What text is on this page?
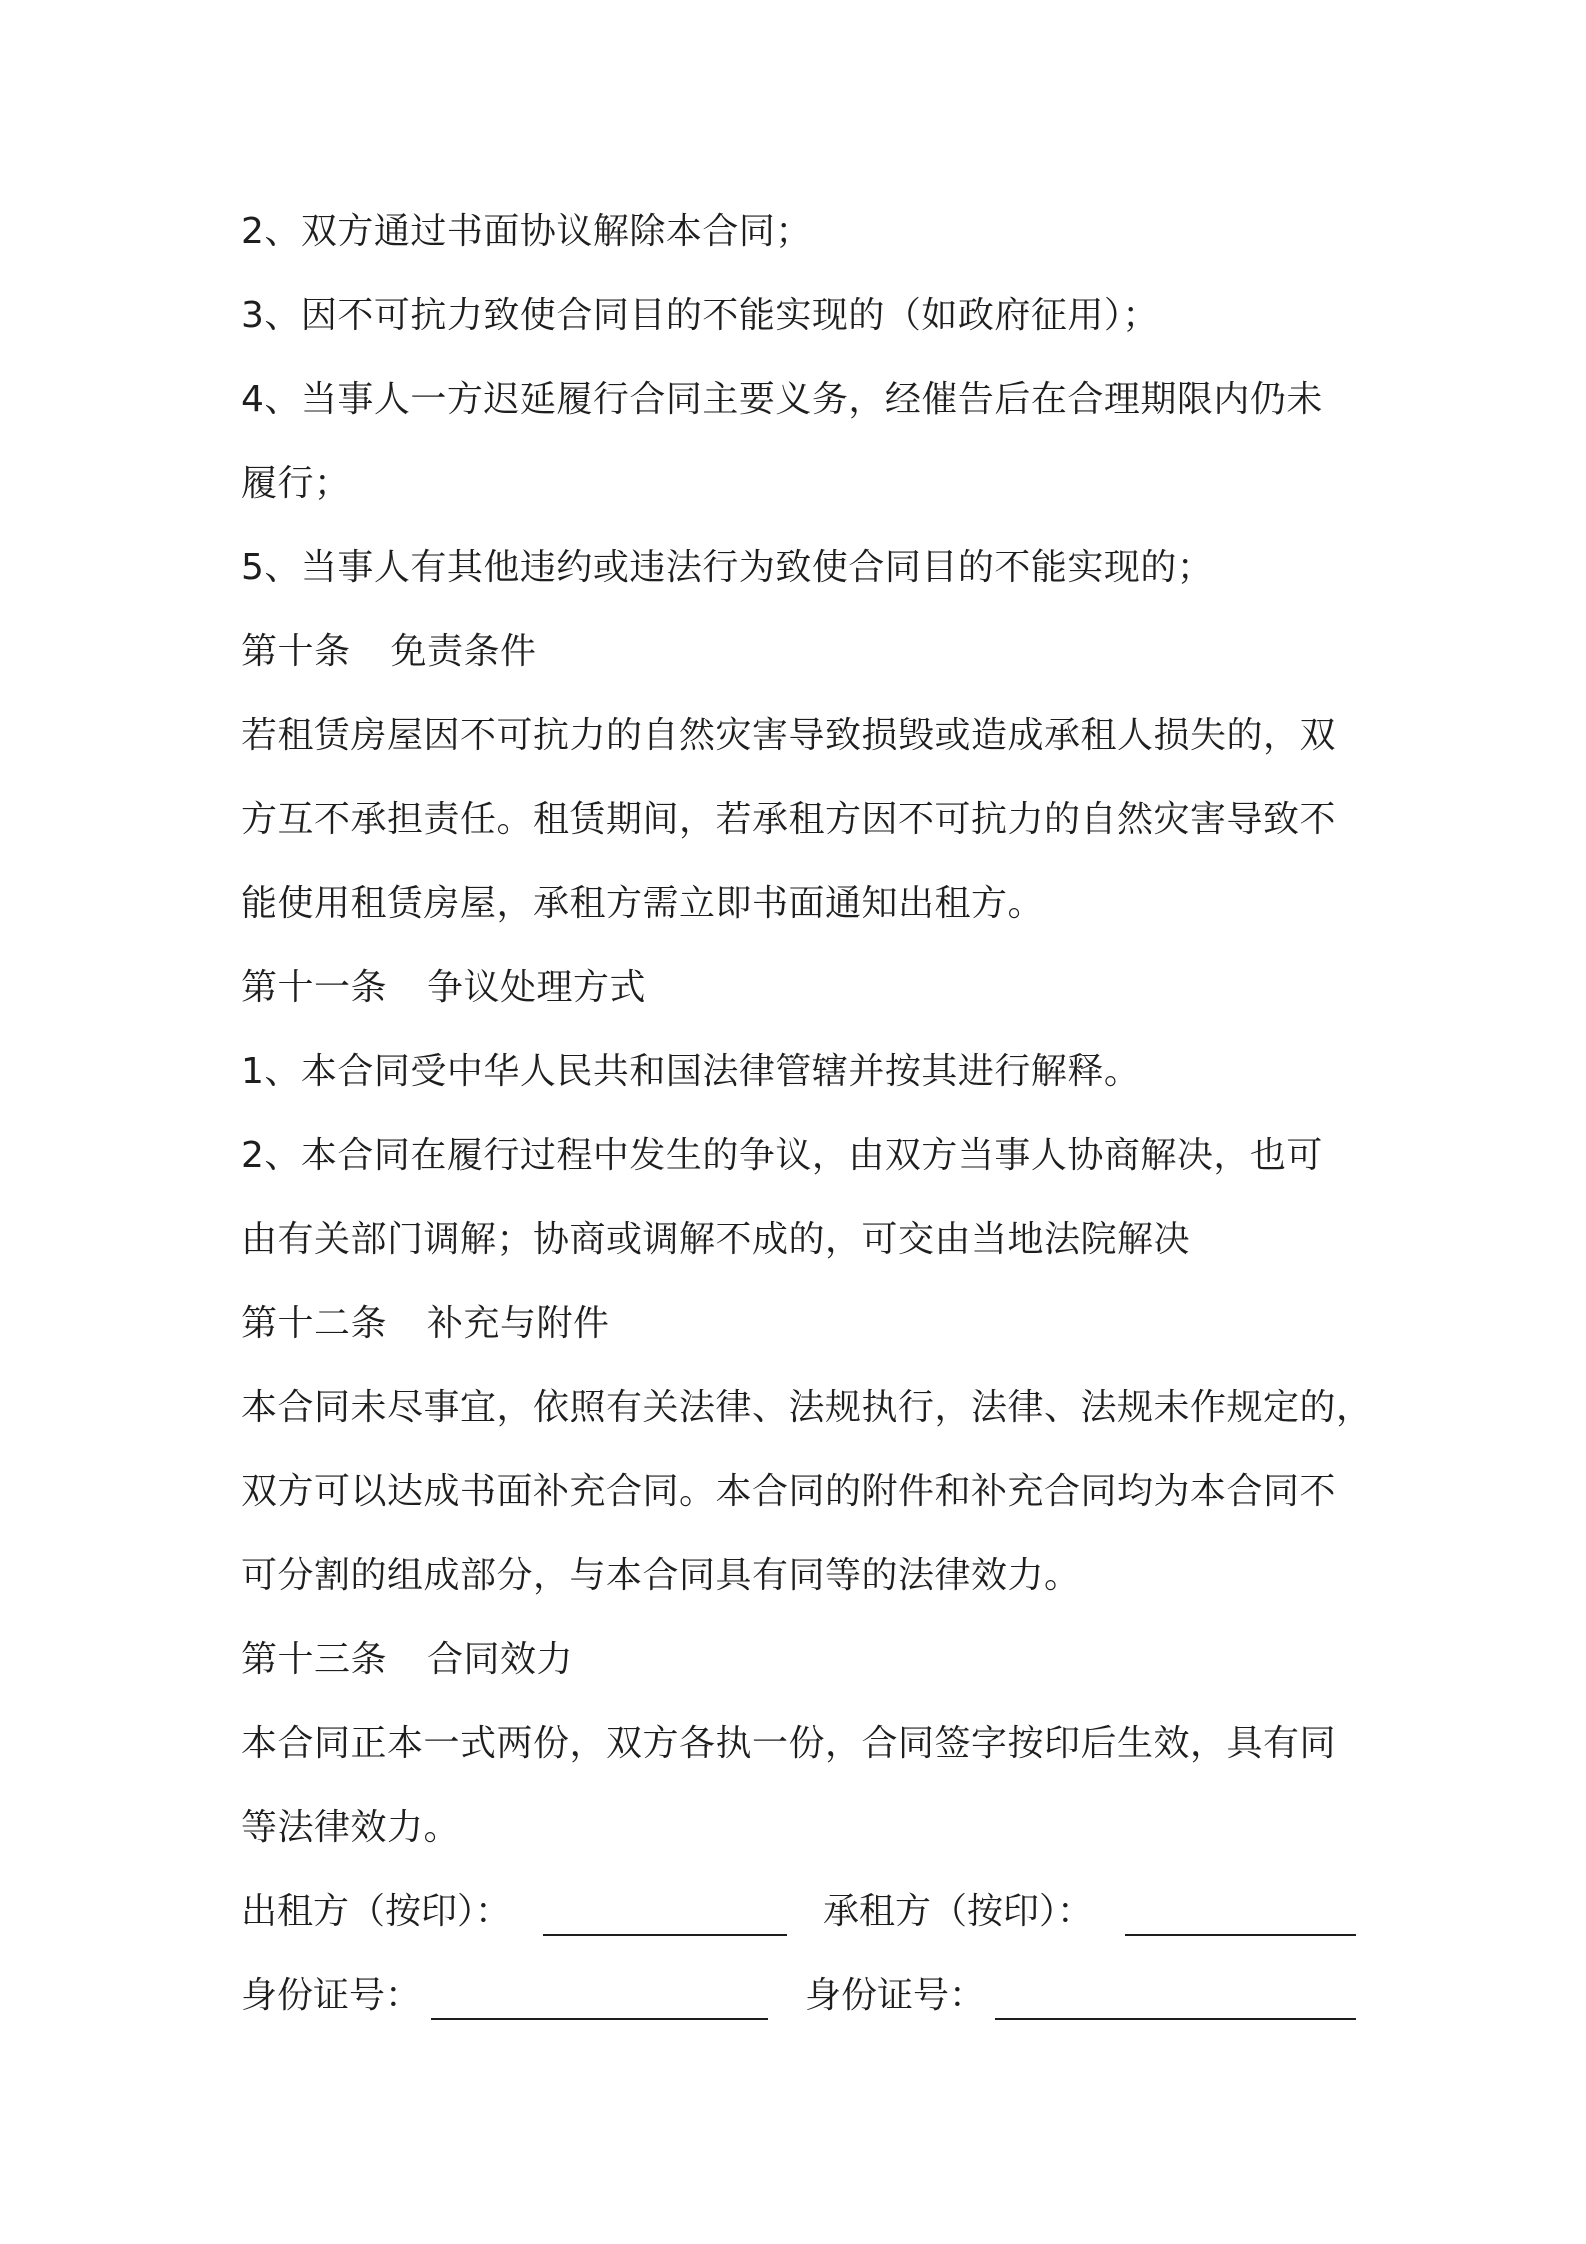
2、双方通过书面协议解除本合同；
3、因不可抗力致使合同目的不能实现的（如政府征用）；
4、当事人一方迟延履行合同主要义务，经催告后在合理期限内仍未
履行；
5、当事人有其他违约或违法行为致使合同目的不能实现的；
第十条 免责条件
若租赁房屋因不可抗力的自然灾害导致损毁或造成承租人损失的，双
方互不承担责任。租赁期间，若承租方因不可抗力的自然灾害导致不
能使用租赁房屋，承租方需立即书面通知出租方。
第十一条 争议处理方式
1、本合同受中华人民共和国法律管辖并按其进行解释。
2、本合同在履行过程中发生的争议，由双方当事人协商解决，也可
由有关部门调解；协商或调解不成的，可交由当地法院解决
第十二条 补充与附件
本合同未尽事宜，依照有关法律、法规执行，法律、法规未作规定的，
双方可以达成书面补充合同。本合同的附件和补充合同均为本合同不
可分割的组成部分，与本合同具有同等的法律效力。
第十三条 合同效力
本合同正本一式两份，双方各执一份，合同签字按印后生效，具有同
等法律效力。
出租方（按印）：	承租方（按印）：
身份证号：	身份证号：
